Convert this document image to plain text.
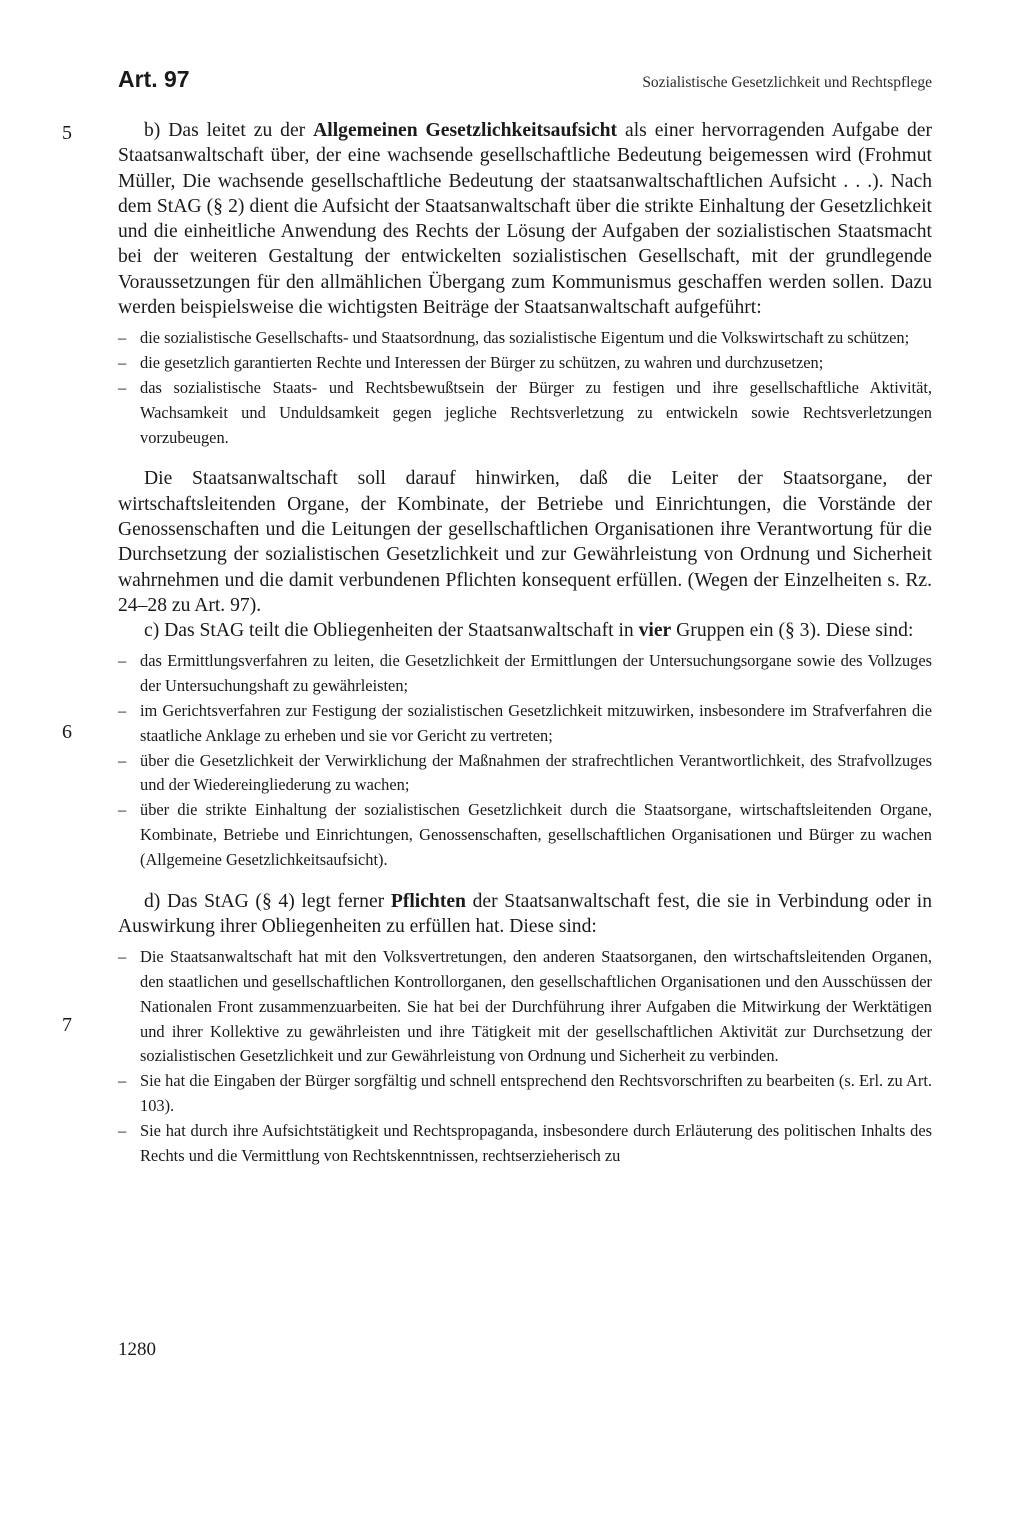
Art. 97	Sozialistische Gesetzlichkeit und Rechtspflege
5
6
7

b) Das leitet zu der Allgemeinen Gesetzlichkeitsaufsicht als einer hervorragenden Aufgabe der Staatsanwaltschaft über, der eine wachsende gesellschaftliche Bedeutung beigemessen wird (Frohmut Müller, Die wachsende gesellschaftliche Bedeutung der staatsanwaltschaftlichen Aufsicht . . .). Nach dem StAG (§ 2) dient die Aufsicht der Staatsanwaltschaft über die strikte Einhaltung der Gesetzlichkeit und die einheitliche Anwendung des Rechts der Lösung der Aufgaben der sozialistischen Staatsmacht bei der weiteren Gestaltung der entwickelten sozialistischen Gesellschaft, mit der grundlegende Voraussetzungen für den allmählichen Übergang zum Kommunismus geschaffen werden sollen. Dazu werden beispielsweise die wichtigsten Beiträge der Staatsanwaltschaft aufgeführt:

– die sozialistische Gesellschafts- und Staatsordnung, das sozialistische Eigentum und die Volkswirtschaft zu schützen;
– die gesetzlich garantierten Rechte und Interessen der Bürger zu schützen, zu wahren und durchzusetzen;
– das sozialistische Staats- und Rechtsbewußtsein der Bürger zu festigen und ihre gesellschaftliche Aktivität, Wachsamkeit und Unduldsamkeit gegen jegliche Rechtsverletzung zu entwickeln sowie Rechtsverletzungen vorzubeugen.

Die Staatsanwaltschaft soll darauf hinwirken, daß die Leiter der Staatsorgane, der wirtschaftsleitenden Organe, der Kombinate, der Betriebe und Einrichtungen, die Vorstände der Genossenschaften und die Leitungen der gesellschaftlichen Organisationen ihre Verantwortung für die Durchsetzung der sozialistischen Gesetzlichkeit und zur Gewährleistung von Ordnung und Sicherheit wahrnehmen und die damit verbundenen Pflichten konsequent erfüllen. (Wegen der Einzelheiten s. Rz. 24–28 zu Art. 97).

c) Das StAG teilt die Obliegenheiten der Staatsanwaltschaft in vier Gruppen ein (§ 3). Diese sind:

– das Ermittlungsverfahren zu leiten, die Gesetzlichkeit der Ermittlungen der Untersuchungsorgane sowie des Vollzuges der Untersuchungshaft zu gewährleisten;
– im Gerichtsverfahren zur Festigung der sozialistischen Gesetzlichkeit mitzuwirken, insbesondere im Strafverfahren die staatliche Anklage zu erheben und sie vor Gericht zu vertreten;
– über die Gesetzlichkeit der Verwirklichung der Maßnahmen der strafrechtlichen Verantwortlichkeit, des Strafvollzuges und der Wiedereingliederung zu wachen;
– über die strikte Einhaltung der sozialistischen Gesetzlichkeit durch die Staatsorgane, wirtschaftsleitenden Organe, Kombinate, Betriebe und Einrichtungen, Genossenschaften, gesellschaftlichen Organisationen und Bürger zu wachen (Allgemeine Gesetzlichkeitsaufsicht).

d) Das StAG (§ 4) legt ferner Pflichten der Staatsanwaltschaft fest, die sie in Verbindung oder in Auswirkung ihrer Obliegenheiten zu erfüllen hat. Diese sind:

– Die Staatsanwaltschaft hat mit den Volksvertretungen, den anderen Staatsorganen, den wirtschaftsleitenden Organen, den staatlichen und gesellschaftlichen Kontrollorganen, den gesellschaftlichen Organisationen und den Ausschüssen der Nationalen Front zusammenzuarbeiten. Sie hat bei der Durchführung ihrer Aufgaben die Mitwirkung der Werktätigen und ihrer Kollektive zu gewährleisten und ihre Tätigkeit mit der gesellschaftlichen Aktivität zur Durchsetzung der sozialistischen Gesetzlichkeit und zur Gewährleistung von Ordnung und Sicherheit zu verbinden.
– Sie hat die Eingaben der Bürger sorgfältig und schnell entsprechend den Rechtsvorschriften zu bearbeiten (s. Erl. zu Art. 103).
– Sie hat durch ihre Aufsichtstätigkeit und Rechtspropaganda, insbesondere durch Erläuterung des politischen Inhalts des Rechts und die Vermittlung von Rechtskenntnissen, rechtserzieherisch zu
1280
